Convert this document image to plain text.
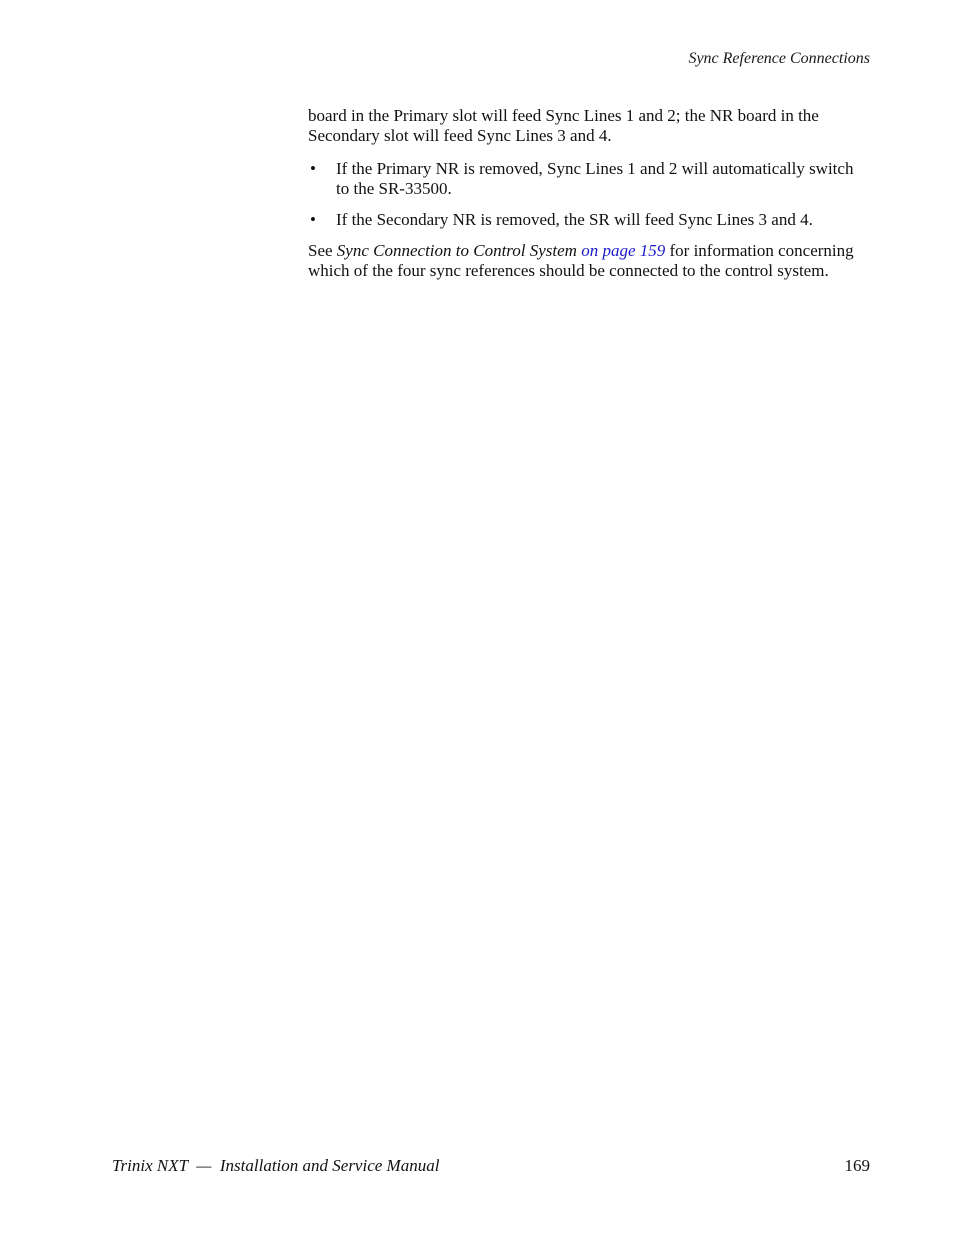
Sync Reference Connections

board in the Primary slot will feed Sync Lines 1 and 2; the NR board in the Secondary slot will feed Sync Lines 3 and 4.

• If the Primary NR is removed, Sync Lines 1 and 2 will automatically switch to the SR-33500.
• If the Secondary NR is removed, the SR will feed Sync Lines 3 and 4.

See Sync Connection to Control System on page 159 for information concerning which of the four sync references should be connected to the control system.

Trinix NXT  —  Installation and Service Manual	169
